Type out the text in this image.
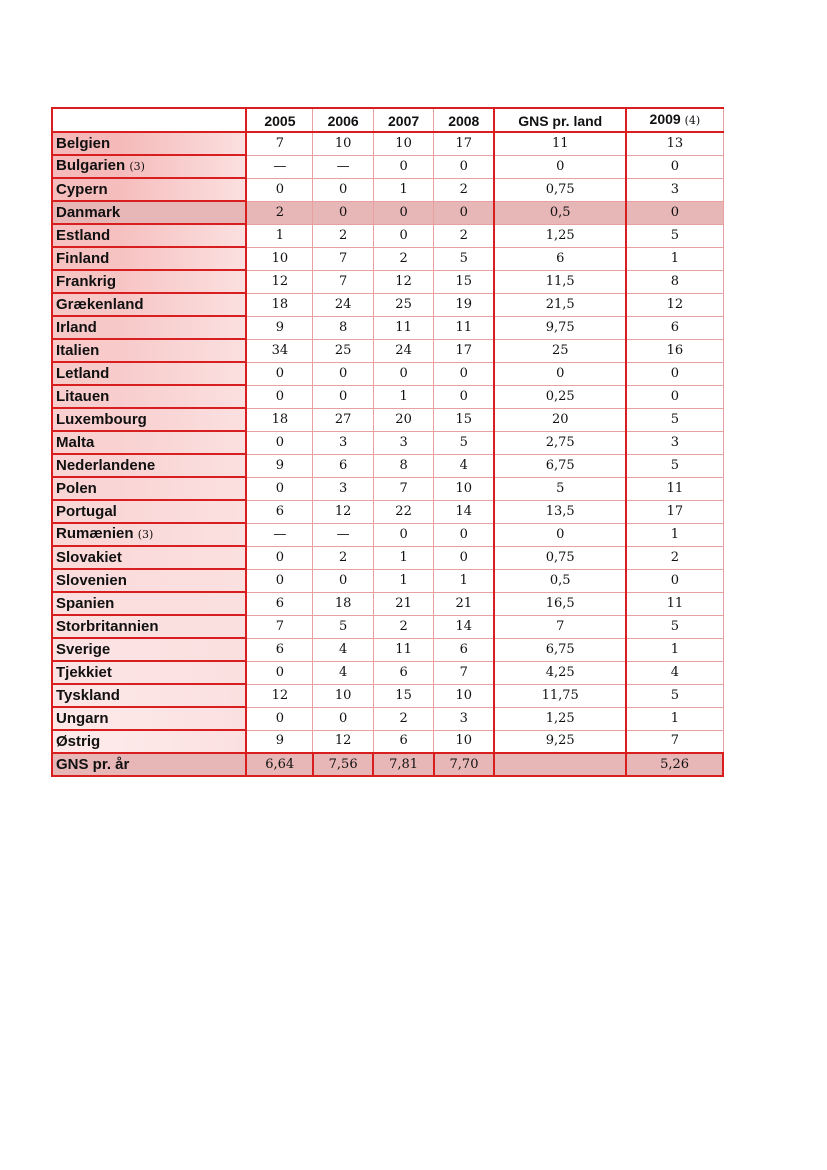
	2005	2006	2007	2008	GNS pr. land	2009 (4)
Belgien	7	10	10	17	11	13
Bulgarien (3)	—	—	0	0	0	0
Cypern	0	0	1	2	0,75	3
Danmark	2	0	0	0	0,5	0
Estland	1	2	0	2	1,25	5
Finland	10	7	2	5	6	1
Frankrig	12	7	12	15	11,5	8
Grækenland	18	24	25	19	21,5	12
Irland	9	8	11	11	9,75	6
Italien	34	25	24	17	25	16
Letland	0	0	0	0	0	0
Litauen	0	0	1	0	0,25	0
Luxembourg	18	27	20	15	20	5
Malta	0	3	3	5	2,75	3
Nederlandene	9	6	8	4	6,75	5
Polen	0	3	7	10	5	11
Portugal	6	12	22	14	13,5	17
Rumænien (3)	—	—	0	0	0	1
Slovakiet	0	2	1	0	0,75	2
Slovenien	0	0	1	1	0,5	0
Spanien	6	18	21	21	16,5	11
Storbritannien	7	5	2	14	7	5
Sverige	6	4	11	6	6,75	1
Tjekkiet	0	4	6	7	4,25	4
Tyskland	12	10	15	10	11,75	5
Ungarn	0	0	2	3	1,25	1
Østrig	9	12	6	10	9,25	7
GNS pr. år	6,64	7,56	7,81	7,70		5,26
